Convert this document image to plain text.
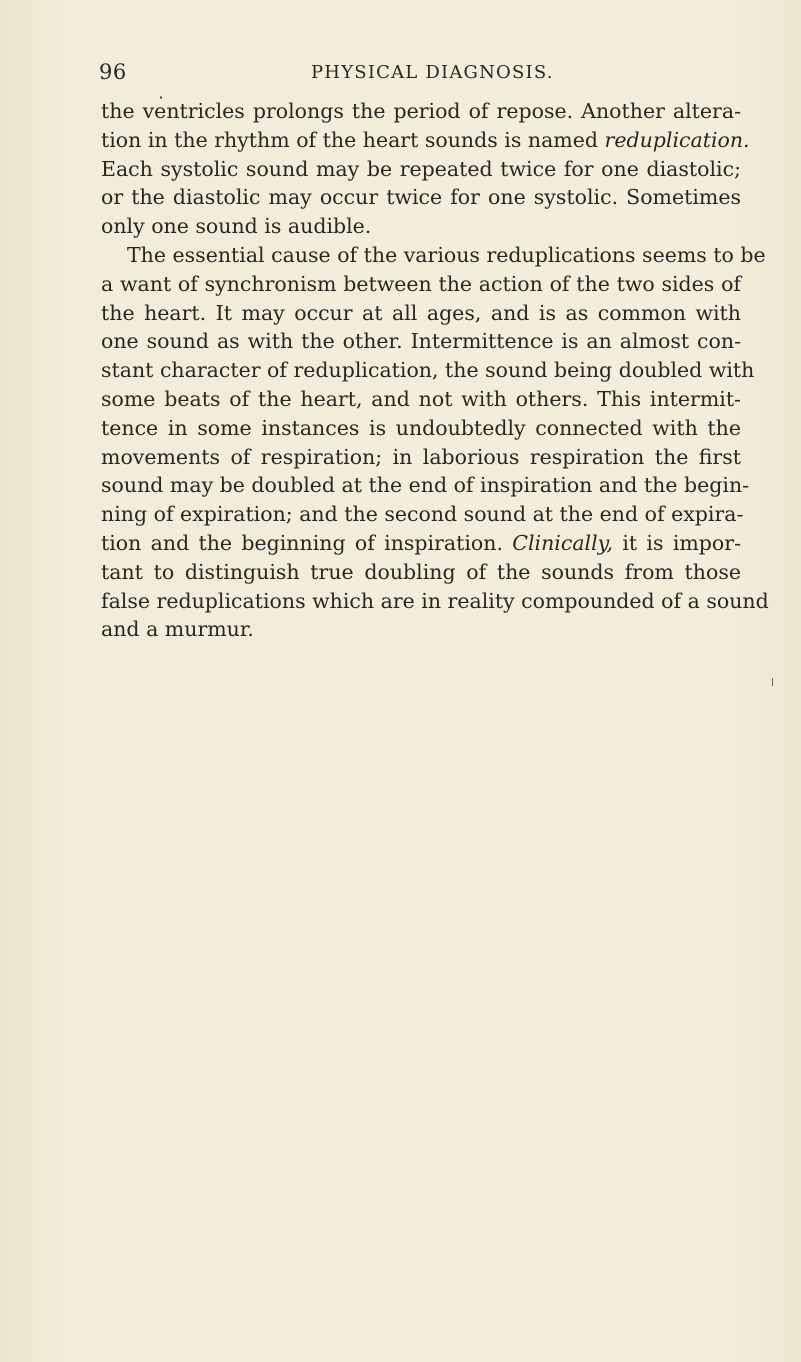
96	PHYSICAL DIAGNOSIS.
the ventricles prolongs the period of repose. Another altera-
tion in the rhythm of the heart sounds is named reduplication.
Each systolic sound may be repeated twice for one diastolic;
or the diastolic may occur twice for one systolic. Sometimes
only one sound is audible.
The essential cause of the various reduplications seems to be
a want of synchronism between the action of the two sides of
the heart. It may occur at all ages, and is as common with
one sound as with the other. Intermittence is an almost con-
stant character of reduplication, the sound being doubled with
some beats of the heart, and not with others. This intermit-
tence in some instances is undoubtedly connected with the
movements of respiration; in laborious respiration the first
sound may be doubled at the end of inspiration and the begin-
ning of expiration; and the second sound at the end of expira-
tion and the beginning of inspiration. Clinically, it is impor-
tant to distinguish true doubling of the sounds from those
false reduplications which are in reality compounded of a sound
and a murmur.
